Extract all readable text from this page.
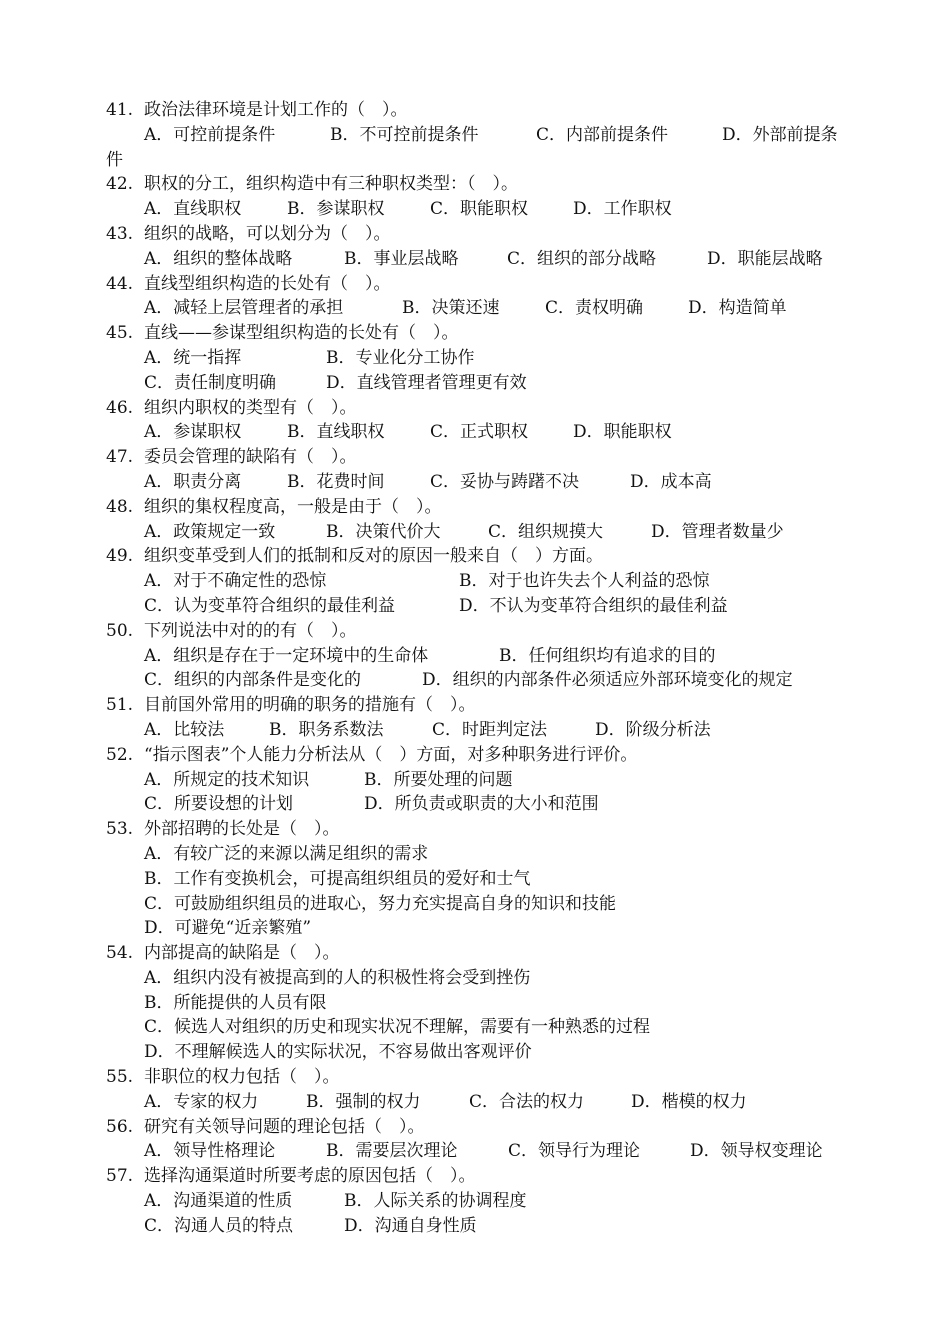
41. 政治法律环境是计划工作的（　）。
A．可控前提条件	B．不可控前提条件	C．内部前提条件	D．外部前提条
件
42. 职权的分工，组织构造中有三种职权类型：（　）。
A．直线职权	B．参谋职权	C．职能职权	D．工作职权
43. 组织的战略，可以划分为（　）。
A．组织的整体战略	B．事业层战略	C．组织的部分战略	D．职能层战略
44. 直线型组织构造的长处有（　）。
A．减轻上层管理者的承担	B．决策还速	C．责权明确	D．构造简单
45. 直线——参谋型组织构造的长处有（　）。
A．统一指挥	B．专业化分工协作
C．责任制度明确	D．直线管理者管理更有效
46. 组织内职权的类型有（　）。
A．参谋职权	B．直线职权	C．正式职权	D．职能职权
47. 委员会管理的缺陷有（　）。
A．职责分离	B．花费时间	C．妥协与踌躇不决	D．成本高
48. 组织的集权程度高，一般是由于（　）。
A．政策规定一致	B．决策代价大	C．组织规摸大	D．管理者数量少
49. 组织变革受到人们的抵制和反对的原因一般来自（　）方面。
A．对于不确定性的恐惊	B．对于也许失去个人利益的恐惊
C．认为变革符合组织的最佳利益	D．不认为变革符合组织的最佳利益
50. 下列说法中对的的有（　）。
A．组织是存在于一定环境中的生命体	B．任何组织均有追求的目的
C．组织的内部条件是变化的	D．组织的内部条件必须适应外部环境变化的规定
51. 目前国外常用的明确的职务的措施有（　）。
A．比较法	B．职务系数法	C．时距判定法	D．阶级分析法
52. “指示图表”个人能力分析法从（　）方面，对多种职务进行评价。
A．所规定的技术知识	B．所要处理的问题
C．所要设想的计划	D．所负责或职责的大小和范围
53. 外部招聘的长处是（　）。
A．有较广泛的来源以满足组织的需求
B．工作有变换机会，可提高组织组员的爱好和士气
C．可鼓励组织组员的进取心，努力充实提高自身的知识和技能
D．可避免“近亲繁殖”
54. 内部提高的缺陷是（　）。
A．组织内没有被提高到的人的积极性将会受到挫伤
B．所能提供的人员有限
C．候选人对组织的历史和现实状况不理解，需要有一种熟悉的过程
D．不理解候选人的实际状况，不容易做出客观评价
55. 非职位的权力包括（　）。
A．专家的权力	B．强制的权力	C．合法的权力	D．楷模的权力
56. 研究有关领导问题的理论包括（　）。
A．领导性格理论	B．需要层次理论	C．领导行为理论	D．领导权变理论
57. 选择沟通渠道时所要考虑的原因包括（　）。
A．沟通渠道的性质	B．人际关系的协调程度
C．沟通人员的特点	D．沟通自身性质
